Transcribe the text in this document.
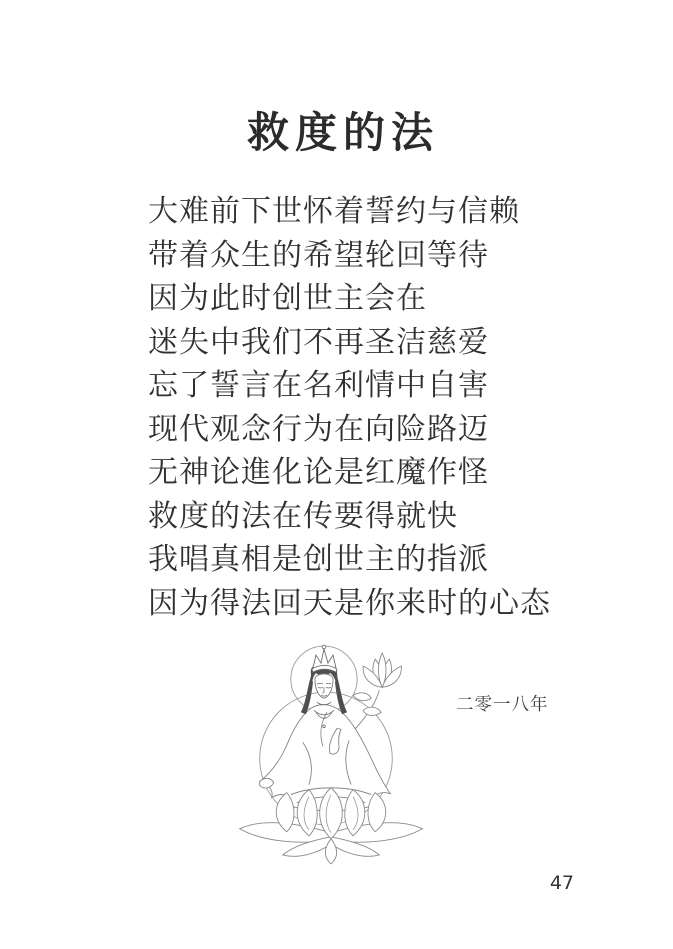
救度的法
大难前下世怀着誓约与信赖
带着众生的希望轮回等待
因为此时创世主会在
迷失中我们不再圣洁慈爱
忘了誓言在名利情中自害
现代观念行为在向险路迈
无神论進化论是红魔作怪
救度的法在传要得就快
我唱真相是创世主的指派
因为得法回天是你来时的心态
二零一八年
47
